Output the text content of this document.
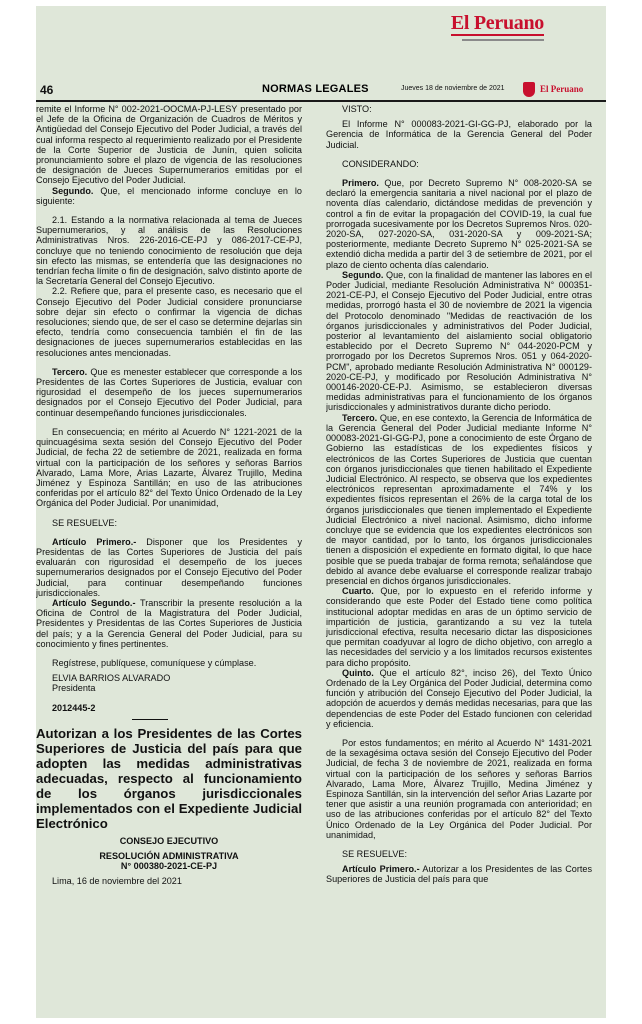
El Peruano
46	NORMAS LEGALES	Jueves 18 de noviembre de 2021	El Peruano

remite el Informe N° 002-2021-OOCMA-PJ-LESY presentado por el Jefe de la Oficina de Organización de Cuadros de Méritos y Antigüedad del Consejo Ejecutivo del Poder Judicial, a través del cual informa respecto al requerimiento realizado por el Presidente de la Corte Superior de Justicia de Junín, quien solicita pronunciamiento sobre el plazo de vigencia de las resoluciones de designación de Jueces Supernumerarios emitidas por el Consejo Ejecutivo del Poder Judicial.

Segundo. Que, el mencionado informe concluye en lo siguiente:

2.1. Estando a la normativa relacionada al tema de Jueces Supernumerarios, y al análisis de las Resoluciones Administrativas Nros. 226-2016-CE-PJ y 086-2017-CE-PJ, concluye que no teniendo conocimiento de resolución que deja sin efecto las mismas, se entendería que las designaciones no tendrían fecha límite o fin de designación, salvo distinto aporte de la Secretaría General del Consejo Ejecutivo.

2.2. Refiere que, para el presente caso, es necesario que el Consejo Ejecutivo del Poder Judicial considere pronunciarse sobre dejar sin efecto o confirmar la vigencia de dichas resoluciones; siendo que, de ser el caso se determine dejarlas sin efecto, tendría como consecuencia también el fin de las designaciones de jueces supernumerarios establecidas en las resoluciones antes mencionadas.

Tercero. Que es menester establecer que corresponde a los Presidentes de las Cortes Superiores de Justicia, evaluar con rigurosidad el desempeño de los jueces supernumerarios designados por el Consejo Ejecutivo del Poder Judicial, para continuar desempeñando funciones jurisdiccionales.

En consecuencia; en mérito al Acuerdo N° 1221-2021 de la quincuagésima sexta sesión del Consejo Ejecutivo del Poder Judicial, de fecha 22 de setiembre de 2021, realizada en forma virtual con la participación de los señores y señoras Barrios Alvarado, Lama More, Arias Lazarte, Álvarez Trujillo, Medina Jiménez y Espinoza Santillán; en uso de las atribuciones conferidas por el artículo 82° del Texto Único Ordenado de la Ley Orgánica del Poder Judicial. Por unanimidad,

SE RESUELVE:

Artículo Primero.- Disponer que los Presidentes y Presidentas de las Cortes Superiores de Justicia del país evaluarán con rigurosidad el desempeño de los jueces supernumerarios designados por el Consejo Ejecutivo del Poder Judicial, para continuar desempeñando funciones jurisdiccionales.

Artículo Segundo.- Transcribir la presente resolución a la Oficina de Control de la Magistratura del Poder Judicial, Presidentes y Presidentas de las Cortes Superiores de Justicia del país; y a la Gerencia General del Poder Judicial, para su conocimiento y fines pertinentes.

Regístrese, publíquese, comuníquese y cúmplase.

ELVIA BARRIOS ALVARADO

Presidenta

2012445-2

Autorizan a los Presidentes de las Cortes Superiores de Justicia del país para que adopten las medidas administrativas adecuadas, respecto al funcionamiento de los órganos jurisdiccionales implementados con el Expediente Judicial Electrónico

CONSEJO EJECUTIVO

RESOLUCIÓN ADMINISTRATIVA

N° 000380-2021-CE-PJ

Lima, 16 de noviembre del 2021

VISTO:

El Informe N° 000083-2021-GI-GG-PJ, elaborado por la Gerencia de Informática de la Gerencia General del Poder Judicial.

CONSIDERANDO:

Primero. Que, por Decreto Supremo N° 008-2020-SA se declaró la emergencia sanitaria a nivel nacional por el plazo de noventa días calendario, dictándose medidas de prevención y control a fin de evitar la propagación del COVID-19, la cual fue prorrogada sucesivamente por los Decretos Supremos Nros. 020-2020-SA, 027-2020-SA, 031-2020-SA y 009-2021-SA; posteriormente, mediante Decreto Supremo N° 025-2021-SA se extendió dicha medida a partir del 3 de setiembre de 2021, por el plazo de ciento ochenta días calendario.

Segundo. Que, con la finalidad de mantener las labores en el Poder Judicial, mediante Resolución Administrativa N° 000351-2021-CE-PJ, el Consejo Ejecutivo del Poder Judicial, entre otras medidas, prorrogó hasta el 30 de noviembre de 2021 la vigencia del Protocolo denominado "Medidas de reactivación de los órganos jurisdiccionales y administrativos del Poder Judicial, posterior al levantamiento del aislamiento social obligatorio establecido por el Decreto Supremo N° 044-2020-PCM y prorrogado por los Decretos Supremos Nros. 051 y 064-2020-PCM", aprobado mediante Resolución Administrativa N° 000129-2020-CE-PJ, y modificado por Resolución Administrativa N° 000146-2020-CE-PJ. Asimismo, se establecieron diversas medidas administrativas para el funcionamiento de los órganos jurisdiccionales y administrativos durante dicho periodo.

Tercero. Que, en ese contexto, la Gerencia de Informática de la Gerencia General del Poder Judicial mediante Informe N° 000083-2021-GI-GG-PJ, pone a conocimiento de este Órgano de Gobierno las estadísticas de los expedientes físicos y electrónicos de las Cortes Superiores de Justicia que cuentan con órganos jurisdiccionales que tienen habilitado el Expediente Judicial Electrónico. Al respecto, se observa que los expedientes electrónicos representan aproximadamente el 74% y los expedientes físicos representan el 26% de la carga total de los órganos jurisdiccionales que tienen implementado el Expediente Judicial Electrónico a nivel nacional. Asimismo, dicho informe concluye que se evidencia que los expedientes electrónicos son de mayor cantidad, por lo tanto, los órganos jurisdiccionales tienen a disposición el expediente en formato digital, lo que hace posible que se pueda trabajar de forma remota; señalándose que debido al avance debe evaluarse el corresponde realizar trabajo presencial en dichos órganos jurisdiccionales.

Cuarto. Que, por lo expuesto en el referido informe y considerando que este Poder del Estado tiene como política institucional adoptar medidas en aras de un óptimo servicio de impartición de justicia, garantizando a su vez la tutela jurisdiccional efectiva, resulta necesario dictar las disposiciones que permitan coadyuvar al logro de dicho objetivo, con arreglo a las necesidades del servicio y a los limitados recursos existentes para dicho propósito.

Quinto. Que el artículo 82°, inciso 26), del Texto Único Ordenado de la Ley Orgánica del Poder Judicial, determina como función y atribución del Consejo Ejecutivo del Poder Judicial, la adopción de acuerdos y demás medidas necesarias, para que las dependencias de este Poder del Estado funcionen con celeridad y eficiencia.

Por estos fundamentos; en mérito al Acuerdo N° 1431-2021 de la sexagésima octava sesión del Consejo Ejecutivo del Poder Judicial, de fecha 3 de noviembre de 2021, realizada en forma virtual con la participación de los señores y señoras Barrios Alvarado, Lama More, Álvarez Trujillo, Medina Jiménez y Espinoza Santillán, sin la intervención del señor Arias Lazarte por tener que asistir a una reunión programada con anterioridad; en uso de las atribuciones conferidas por el artículo 82° del Texto Único Ordenado de la Ley Orgánica del Poder Judicial. Por unanimidad,

SE RESUELVE:

Artículo Primero.- Autorizar a los Presidentes de las Cortes Superiores de Justicia del país para que
